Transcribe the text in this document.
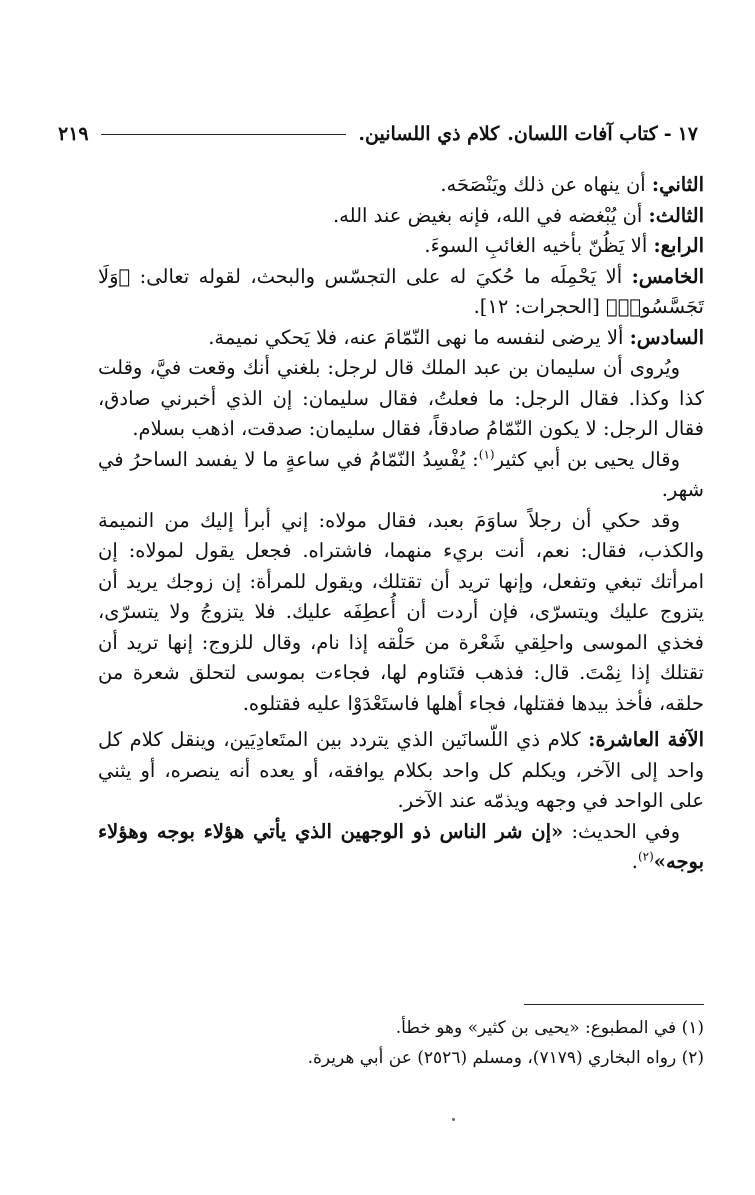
١٧
-
كتاب آفات اللسان.
كلام ذي اللسانين.
٢١٩

الثاني: أن ينهاه عن ذلك ويَنْصَحَه.

الثالث: أن يُبْغضه في الله، فإنه بغيض عند الله.

الرابع: ألا يَظُنّ بأخيه الغائبِ السوءَ.

الخامس: ألا يَحْمِلَه ما حُكيَ له على التجسّس والبحث، لقوله تعالى: ﴿وَلَا تَجَسَّسُوا۟﴾ [الحجرات: ١٢].

السادس: ألا يرضى لنفسه ما نهى النّمّامَ عنه، فلا يَحكي نميمة.

ويُروى أن سليمان بن عبد الملك قال لرجل: بلغني أنك وقعت فيَّ، وقلت كذا وكذا. فقال الرجل: ما فعلتُ، فقال سليمان: إن الذي أخبرني صادق، فقال الرجل: لا يكون النّمّامُ صادقاً، فقال سليمان: صدقت، اذهب بسلام.

وقال يحيى بن أبي كثير$^{(١)}$: يُفْسِدُ النّمّامُ في ساعةٍ ما لا يفسد الساحرُ في شهر.

وقد حكي أن رجلاً ساوَمَ بعبد، فقال مولاه: إني أبرأ إليك من النميمة والكذب، فقال: نعم، أنت بريء منهما، فاشتراه. فجعل يقول لمولاه: إن امرأتك تبغي وتفعل، وإنها تريد أن تقتلك، ويقول للمرأة: إن زوجك يريد أن يتزوج عليك ويتسرّى، فإن أردت أن أُعطِفَه عليك. فلا يتزوجُ ولا يتسرّى، فخذي الموسى واحلِقي شَعْرة من حَلْقه إذا نام، وقال للزوج: إنها تريد أن تقتلك إذا نِمْتَ. قال: فذهب فتَناوم لها، فجاءت بموسى لتحلق شعرة من حلقه، فأخذ بيدها فقتلها، فجاء أهلها فاستَعْدَوْا عليه فقتلوه.

الآفة العاشرة: كلام ذي اللّسانَين الذي يتردد بين المتَعادِيَين، وينقل كلام كل واحد إلى الآخر، ويكلم كل واحد بكلام يوافقه، أو يعده أنه ينصره، أو يثني على الواحد في وجهه ويذمّه عند الآخر.

وفي الحديث: «إن شر الناس ذو الوجهين الذي يأتي هؤلاء بوجه وهؤلاء بوجه»$^{(٢)}$.

(١) في المطبوع: «يحيى بن كثير» وهو خطأ.

(٢) رواه البخاري (٧١٧٩)، ومسلم (٢٥٢٦) عن أبي هريرة.
